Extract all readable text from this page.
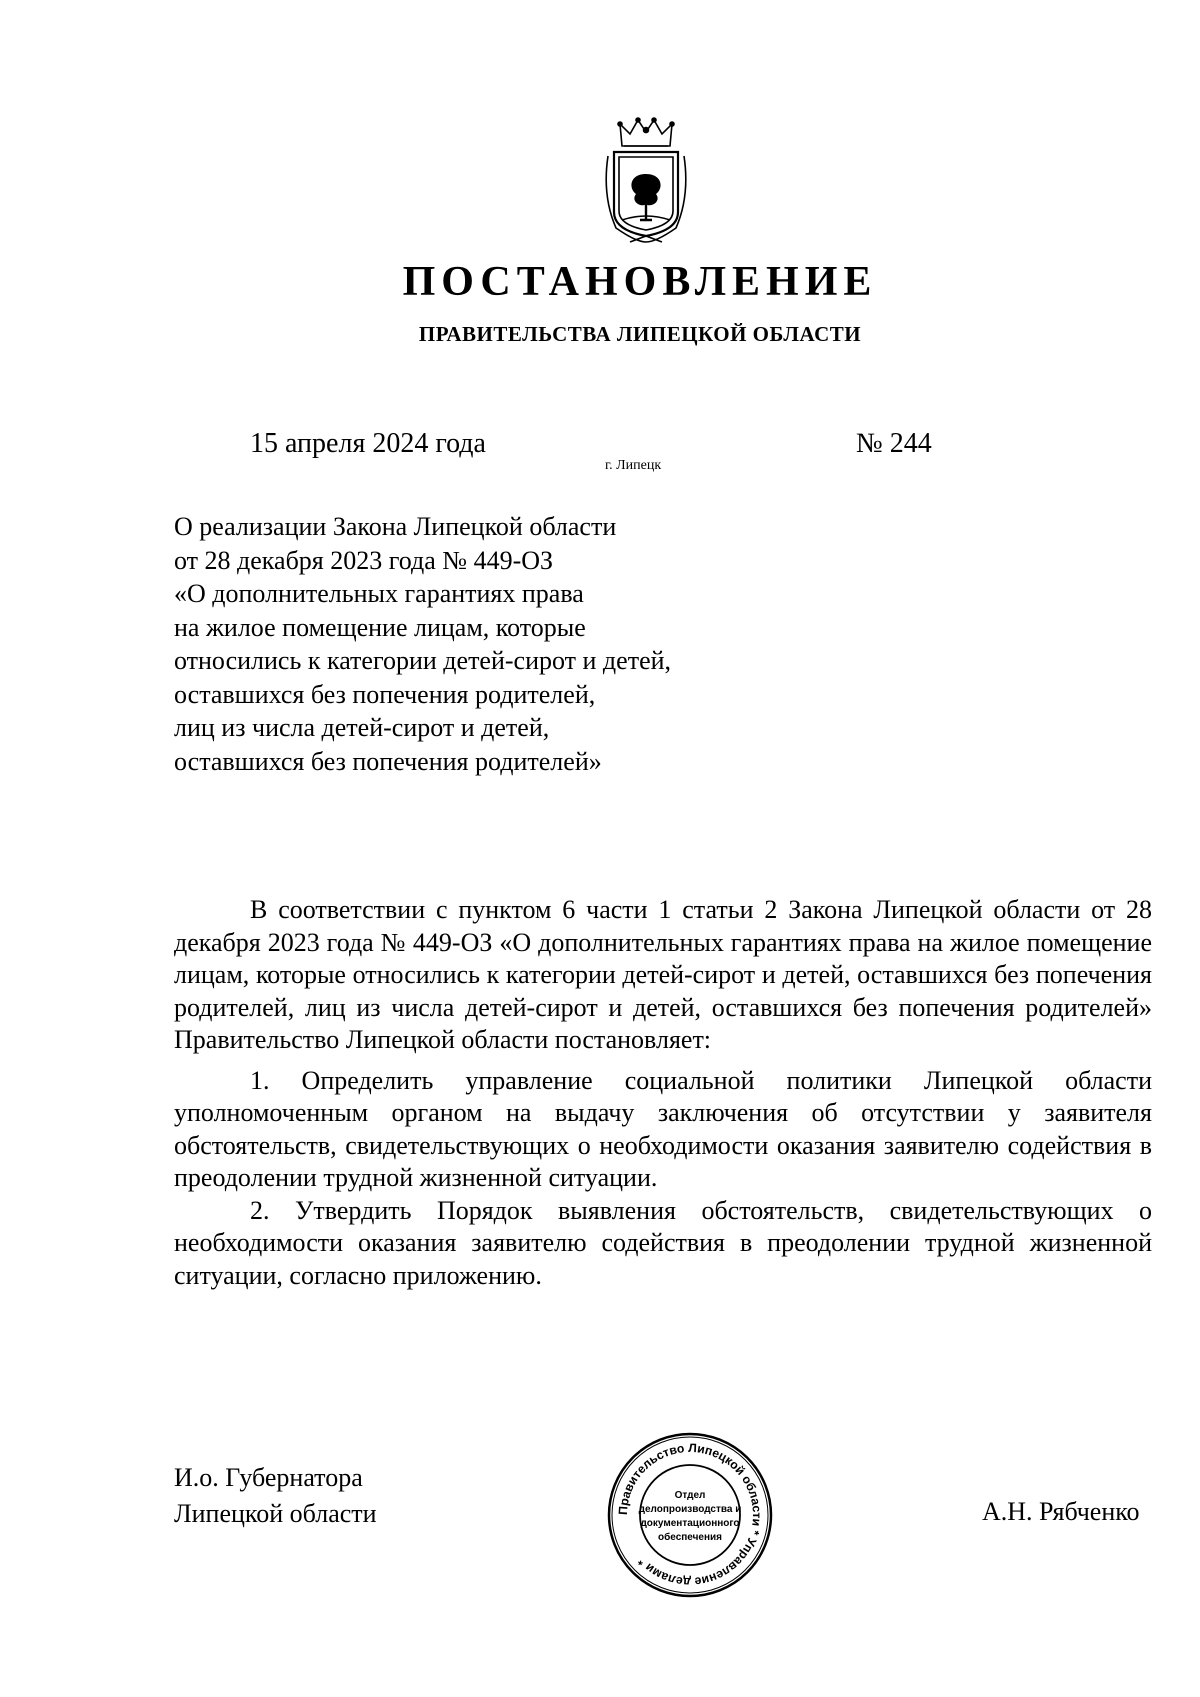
ПОСТАНОВЛЕНИЕ
ПРАВИТЕЛЬСТВА ЛИПЕЦКОЙ ОБЛАСТИ
15 апреля 2024 года
г. Липецк
№ 244
О реализации Закона Липецкой области
от 28 декабря 2023 года № 449-ОЗ
«О дополнительных гарантиях права
на жилое помещение лицам, которые
относились к категории детей-сирот и детей,
оставшихся без попечения родителей,
лиц из числа детей-сирот и детей,
оставшихся без попечения родителей»

В соответствии с пунктом 6 части 1 статьи 2 Закона Липецкой области от 28 декабря 2023 года № 449-ОЗ «О дополнительных гарантиях права на жилое помещение лицам, которые относились к категории детей-сирот и детей, оставшихся без попечения родителей, лиц из числа детей-сирот и детей, оставшихся без попечения родителей» Правительство Липецкой области постановляет:

1. Определить управление социальной политики Липецкой области уполномоченным органом на выдачу заключения об отсутствии у заявителя обстоятельств, свидетельствующих о необходимости оказания заявителю содействия в преодолении трудной жизненной ситуации.

2. Утвердить Порядок выявления обстоятельств, свидетельствующих о необходимости оказания заявителю содействия в преодолении трудной жизненной ситуации, согласно приложению.

И.о. Губернатора
Липецкой области	А.Н. Рябченко
Правительство Липецкой области * Управление делами *
Отдел
делопроизводства и
документационного
обеспечения
